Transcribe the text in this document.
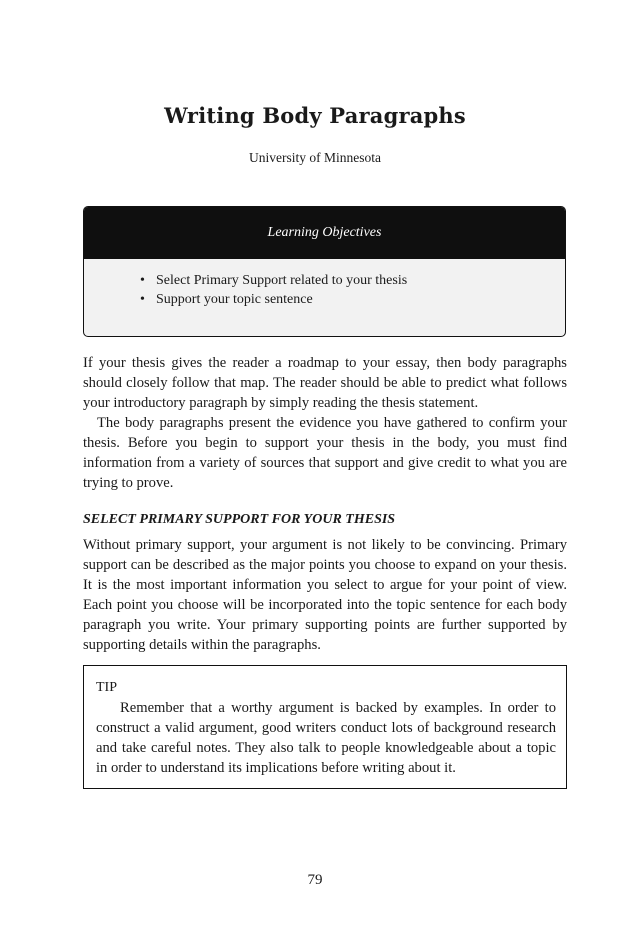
Writing Body Paragraphs

University of Minnesota

Learning Objectives
• Select Primary Support related to your thesis
• Support your topic sentence

If your thesis gives the reader a roadmap to your essay, then body paragraphs should closely follow that map. The reader should be able to predict what follows your introductory paragraph by simply reading the thesis statement.

The body paragraphs present the evidence you have gathered to confirm your thesis. Before you begin to support your thesis in the body, you must find information from a variety of sources that support and give credit to what you are trying to prove.

SELECT PRIMARY SUPPORT FOR YOUR THESIS

Without primary support, your argument is not likely to be convincing. Primary support can be described as the major points you choose to expand on your thesis. It is the most important information you select to argue for your point of view. Each point you choose will be incorporated into the topic sentence for each body paragraph you write. Your primary supporting points are further supported by supporting details within the paragraphs.

TIP

Remember that a worthy argument is backed by examples. In order to construct a valid argument, good writers conduct lots of background research and take careful notes. They also talk to people knowledgeable about a topic in order to understand its implications before writing about it.

79
